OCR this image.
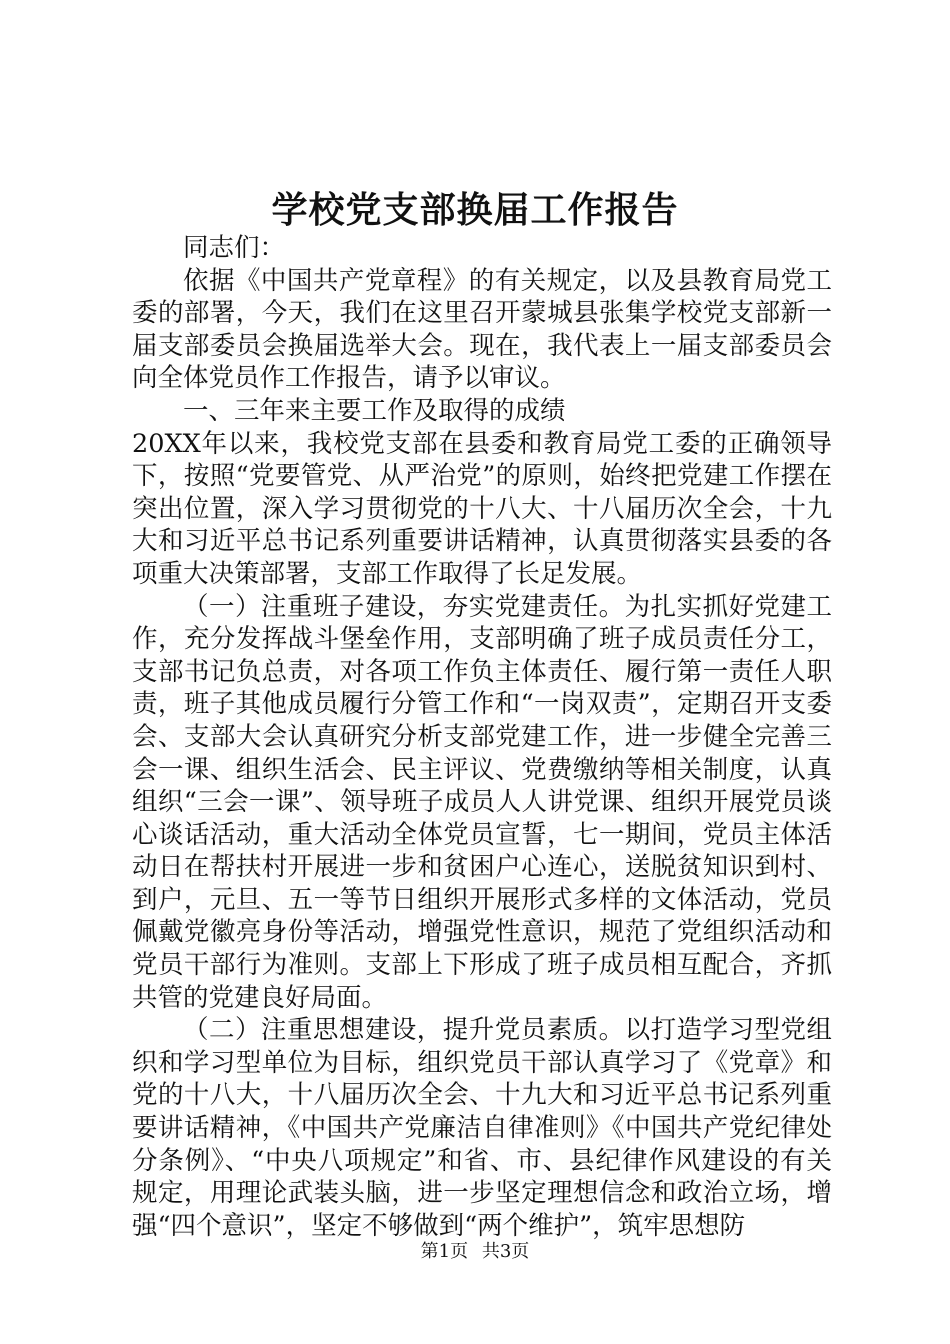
学校党支部换届工作报告

同志们：

依据《中国共产党章程》的有关规定，以及县教育局党工委的部署，今天，我们在这里召开蒙城县张集学校党支部新一届支部委员会换届选举大会。现在，我代表上一届支部委员会向全体党员作工作报告，请予以审议。

一、三年来主要工作及取得的成绩

20XX年以来，我校党支部在县委和教育局党工委的正确领导下，按照“党要管党、从严治党”的原则，始终把党建工作摆在突出位置，深入学习贯彻党的十八大、十八届历次全会，十九大和习近平总书记系列重要讲话精神，认真贯彻落实县委的各项重大决策部署，支部工作取得了长足发展。

（一）注重班子建设，夯实党建责任。为扎实抓好党建工作，充分发挥战斗堡垒作用，支部明确了班子成员责任分工，支部书记负总责，对各项工作负主体责任、履行第一责任人职责，班子其他成员履行分管工作和“一岗双责”，定期召开支委会、支部大会认真研究分析支部党建工作，进一步健全完善三会一课、组织生活会、民主评议、党费缴纳等相关制度，认真组织“三会一课”、领导班子成员人人讲党课、组织开展党员谈心谈话活动，重大活动全体党员宣誓，七一期间，党员主体活动日在帮扶村开展进一步和贫困户心连心，送脱贫知识到村、到户，元旦、五一等节日组织开展形式多样的文体活动，党员佩戴党徽亮身份等活动，增强党性意识，规范了党组织活动和党员干部行为准则。支部上下形成了班子成员相互配合，齐抓共管的党建良好局面。

（二）注重思想建设，提升党员素质。以打造学习型党组织和学习型单位为目标，组织党员干部认真学习了《党章》和党的十八大，十八届历次全会、十九大和习近平总书记系列重要讲话精神，《中国共产党廉洁自律准则》《中国共产党纪律处分条例》、“中央八项规定”和省、市、县纪律作风建设的有关规定，用理论武装头脑，进一步坚定理想信念和政治立场，增强“四个意识”，坚定不够做到“两个维护”，筑牢思想防

第1页 共3页
